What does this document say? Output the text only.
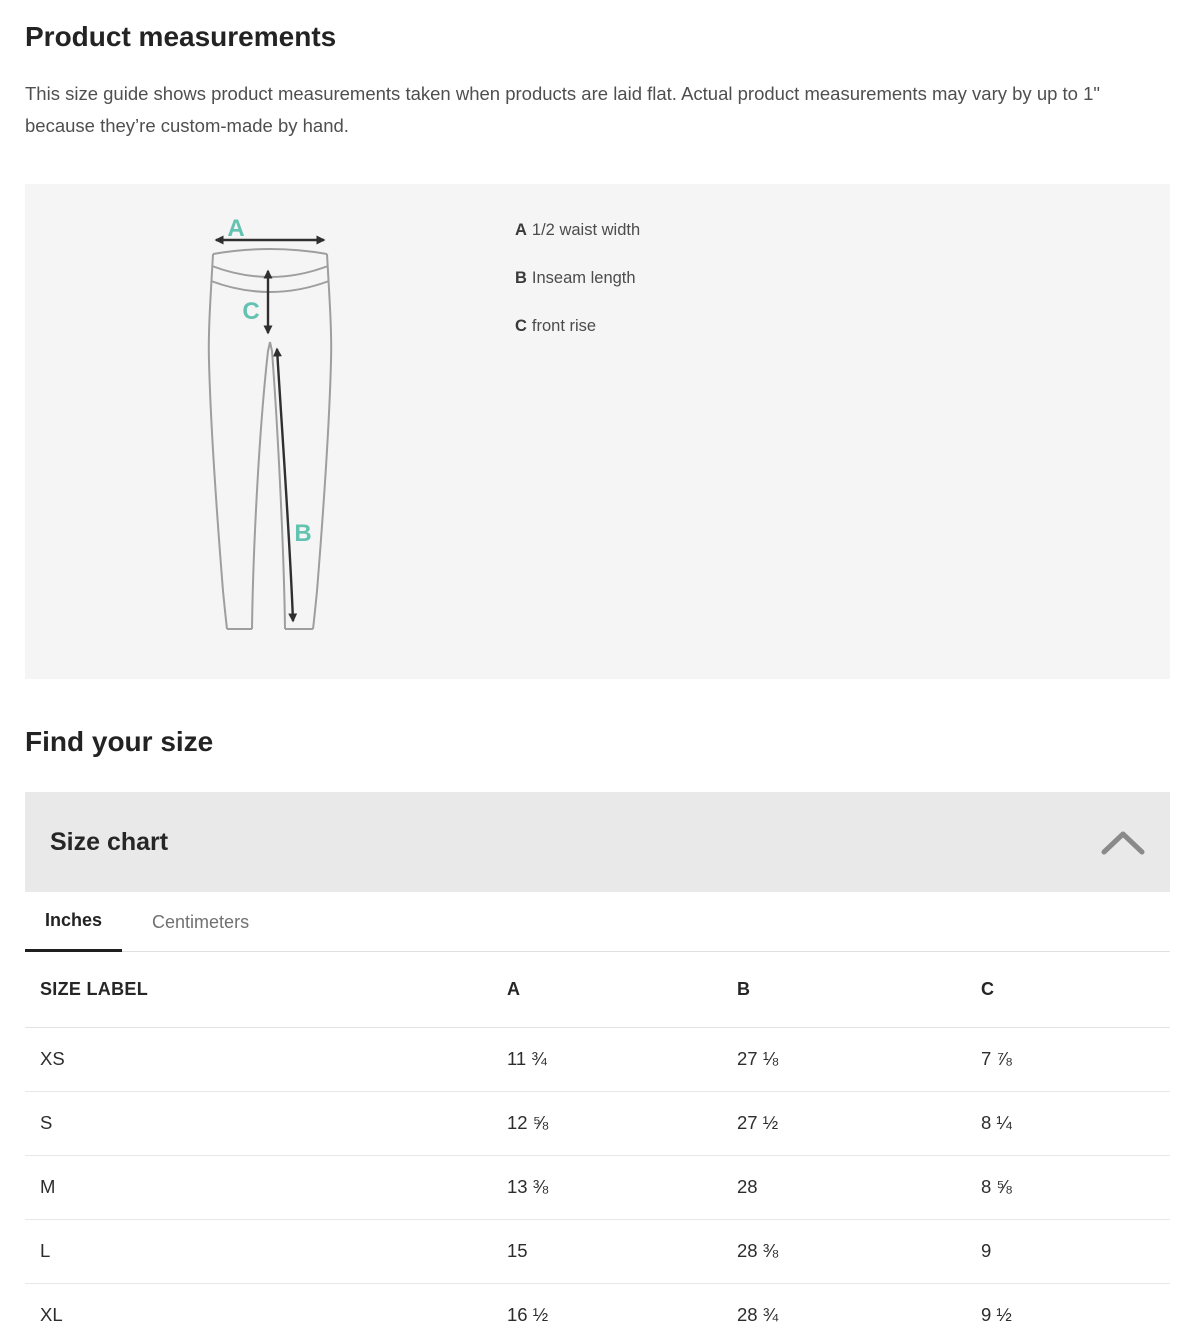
Product measurements

This size guide shows product measurements taken when products are laid flat. Actual product measurements may vary by up to 1" because they’re custom-made by hand.

A
C
B
A 1/2 waist width
B Inseam length
C front rise
Find your size
Size chart
Inches	Centimeters
SIZE LABEL	A	B	C
XS	11 ¾	27 ⅛	7 ⅞
S	12 ⅝	27 ½	8 ¼
M	13 ⅜	28	8 ⅝
L	15	28 ⅜	9
XL	16 ½	28 ¾	9 ½
